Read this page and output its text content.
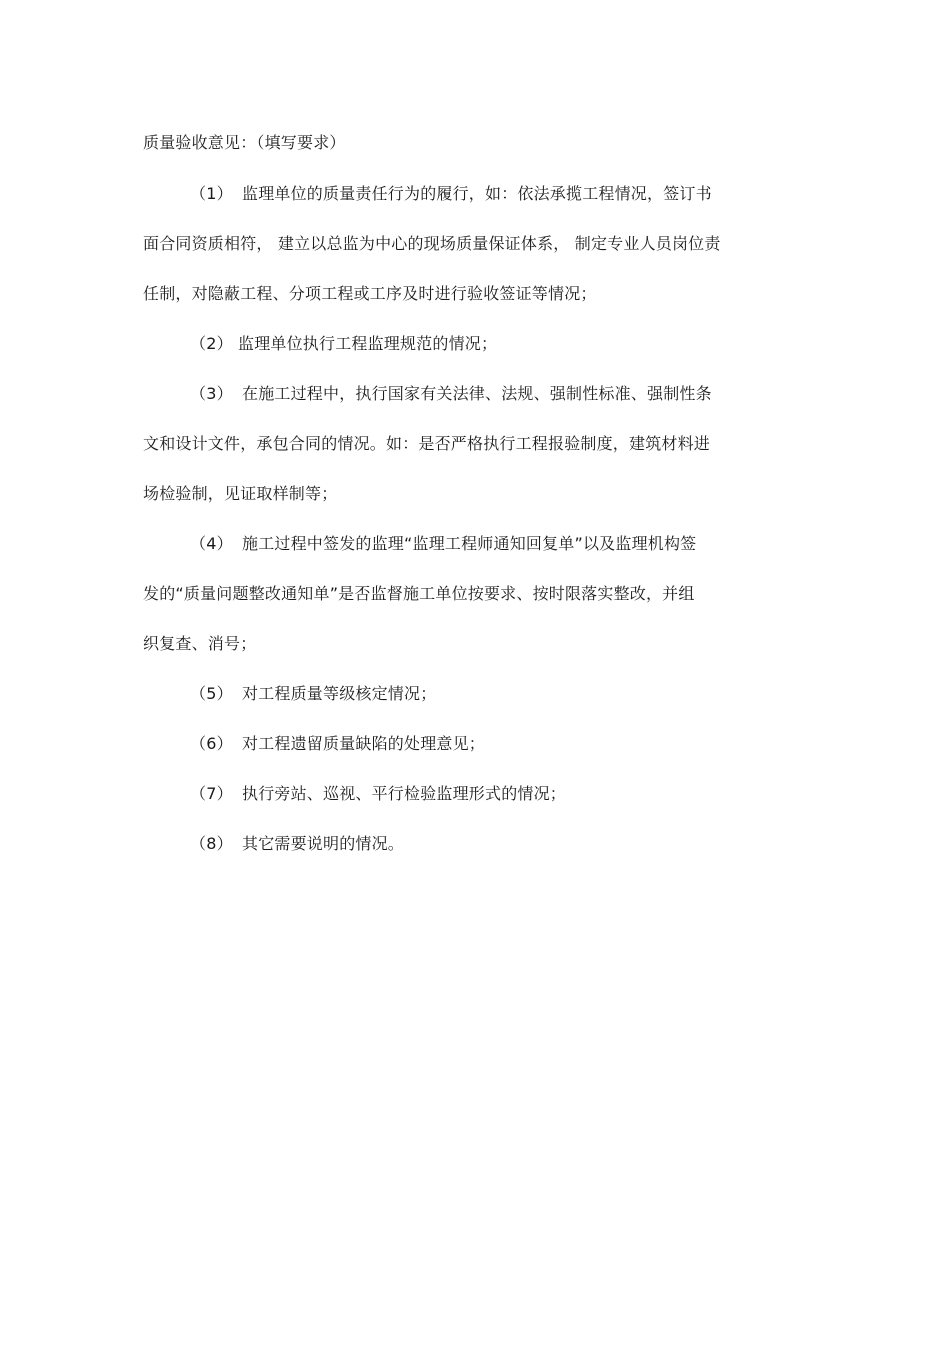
质量验收意见：（填写要求）
（1） 监理单位的质量责任行为的履行，如：依法承揽工程情况，签订书
面合同资质相符， 建立以总监为中心的现场质量保证体系， 制定专业人员岗位责
任制，对隐蔽工程、分项工程或工序及时进行验收签证等情况；
（2） 监理单位执行工程监理规范的情况；
（3） 在施工过程中，执行国家有关法律、法规、强制性标准、强制性条
文和设计文件，承包合同的情况。如：是否严格执行工程报验制度，建筑材料进
场检验制，见证取样制等；
（4） 施工过程中签发的监理“监理工程师通知回复单”以及监理机构签
发的“质量问题整改通知单”是否监督施工单位按要求、按时限落实整改，并组
织复查、消号；
（5） 对工程质量等级核定情况；
（6） 对工程遗留质量缺陷的处理意见；
（7） 执行旁站、巡视、平行检验监理形式的情况；
（8） 其它需要说明的情况。
